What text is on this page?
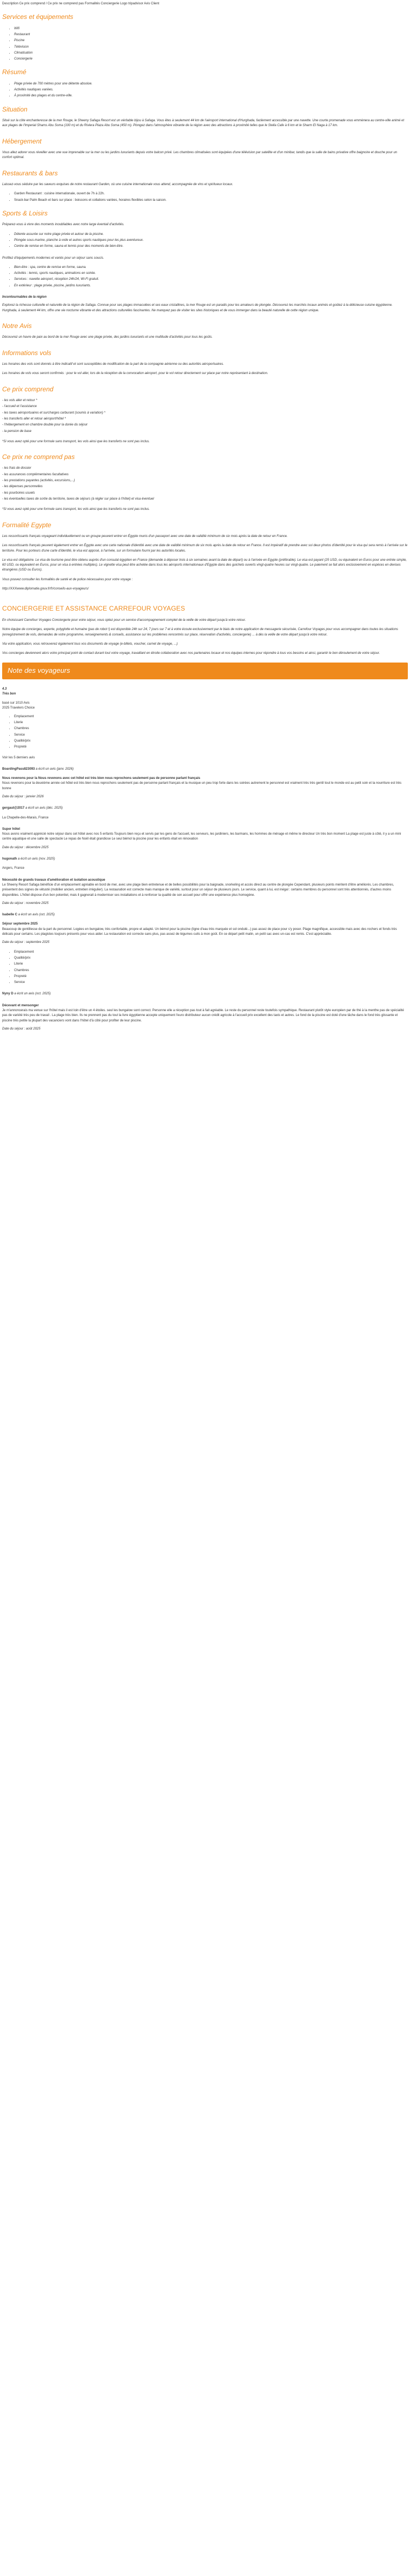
Description Ce prix comprend / Ce prix ne comprend pas Formalités Conciergerie Logo tripadvisor Avis Client
Services et équipements
• Wifi
• Restaurant
• Piscine
• Télévision
• Climatisation
• Conciergerie
Résumé
• Plage privée de 700 mètres pour une détente absolue.
• Activités nautiques variées.
• À proximité des plages et du centre-ville.
Situation

Situé sur la côte enchanteresse de la mer Rouge, le Sheeny Safaga Resort est un véritable bijou à Safaga. Vous êtes à seulement 44 km de l'aéroport international d'Hurghada, facilement accessible par une navette. Une courte promenade vous emmènera au centre-ville animé et aux plages de l'Imperial Shams Abu Soma (100 m) et du Riviera Plaza Abu Soma (450 m). Plongez dans l'atmosphère vibrante de la région avec des attractions à proximité telles que le Stella Cafe à 6 km et le Sharm El Naga à 17 km.

Hébergement

Vous allez adorer vous réveiller avec une vue imprenable sur la mer ou les jardins luxuriants depuis votre balcon privé. Les chambres climatisées sont équipées d'une télévision par satellite et d'un minibar, tandis que la salle de bains privative offre baignoire et douche pour un confort optimal.

Restaurants & bars

Laissez-vous séduire par les saveurs exquises de notre restaurant Garden, où une cuisine internationale vous attend, accompagnée de vins et spiritueux locaux.

• Garden Restaurant : cuisine internationale, ouvert de 7h à 22h.
• Snack-bar Palm Beach et bars sur place : boissons et collations variées, horaires flexibles selon la saison.
Sports & Loisirs

Préparez-vous à vivre des moments inoubliables avec notre large éventail d'activités.

• Détente assurée sur notre plage privée et autour de la piscine.
• Plongée sous-marine, planche à voile et autres sports nautiques pour les plus aventureux.
• Centre de remise en forme, sauna et tennis pour des moments de bien-être.

Profitez d'équipements modernes et variés pour un séjour sans soucis.

• Bien-être : spa, centre de remise en forme, sauna.
• Activités : tennis, sports nautiques, animations en soirée.
• Services : navette aéroport, réception 24h/24, Wi-Fi gratuit.
• En extérieur : plage privée, piscine, jardins luxuriants.
Incontournables de la région

Explorez la richesse culturelle et naturelle de la région de Safaga. Connue pour ses plages immaculées et ses eaux cristallines, la mer Rouge est un paradis pour les amateurs de plongée. Découvrez les marchés locaux animés et goûtez à la délicieuse cuisine égyptienne. Hurghada, à seulement 44 km, offre une vie nocturne vibrante et des attractions culturelles fascinantes. Ne manquez pas de visiter les sites historiques et de vous immerger dans la beauté naturelle de cette région unique.

Notre Avis

Découvrez un havre de paix au bord de la mer Rouge avec une plage privée, des jardins luxuriants et une multitude d'activités pour tous les goûts.

Informations vols

Les horaires des vols sont donnés à titre indicatif et sont susceptibles de modification de la part de la compagnie aérienne ou des autorités aéroportuaires.

Les horaires de vols vous seront confirmés : pour le vol aller, lors de la réception de la convocation aéroport, pour le vol retour directement sur place par notre représentant à destination.

Ce prix comprend
- les vols aller et retour *
- l'accueil et l'assistance
- les taxes aéroportuaires et surcharges carburant (soumis à variation) *
- les transferts aller et retour aéroport/hôtel *
- l'hébergement en chambre double pour la durée du séjour
- la pension de base

*Si vous avez opté pour une formule sans transport, les vols ainsi que les transferts ne sont pas inclus.

Ce prix ne comprend pas
- les frais de dossier
- les assurances complémentaires facultatives
- les prestations payantes (activités, excursions,...)
- les dépenses personnelles
- les pourboires usuels
- les éventuelles taxes de sortie du territoire, taxes de séjours (à régler sur place à l'hôtel) et visa éventuel

*Si vous avez opté pour une formule sans transport, les vols ainsi que les transferts ne sont pas inclus.

Formalité Egypte

Les ressortissants français voyageant individuellement ou en groupe peuvent entrer en Égypte munis d'un passeport avec une date de validité minimum de six mois après la date de retour en France.

Les ressortissants français peuvent également entrer en Égypte avec une carte nationale d'identité avec une date de validité minimum de six mois après la date de retour en France. Il est impératif de prendre avec soi deux photos d'identité pour le visa qui sera remis à l'arrivée sur le territoire. Pour les porteurs d'une carte d'identité, le visa est apposé, à l'arrivée, sur un formulaire fourni par les autorités locales.

Le visa est obligatoire. Le visa de tourisme peut être obtenu auprès d'un consulat égyptien en France (demande à déposer trois à six semaines avant la date de départ) ou à l'arrivée en Egypte (préférable). Le visa est payant (25 USD, ou équivalent en Euros pour une entrée simple, 60 USD, ou équivalent en Euros, pour un visa à entrées multiples). Le vignette visa peut être achetée dans tous les aéroports internationaux d'Egypte dans des guichets ouverts vingt-quatre heures sur vingt-quatre. Le paiement se fait alors exclusivement en espèces en devises étrangères (USD ou Euros).

Vous pouvez consulter les formalités de santé et de police nécessaires pour votre voyage :

http://XXXwww.diplomatie.gouv.fr/fr/conseils-aux-voyageurs/

CONCIERGERIE ET ASSISTANCE CARREFOUR VOYAGES

En choisissant Carrefour Voyages Conciergerie pour votre séjour, vous optez pour un service d'accompagnement complet de la veille de votre départ jusqu'à votre retour.

Notre équipe de concierges, experte, polyglotte et humaine (pas de robot !) est disponible 24h sur 24, 7 jours sur 7 et à votre écoute exclusivement par le biais de notre application de messagerie sécurisée, Carrefour Voyages pour vous accompagner dans toutes les situations (enregistrement de vols, demandes de votre programme, renseignements & conseils, assistance sur les problèmes rencontrés sur place, réservation d'activités, conciergerie) ... à dès la veille de votre départ jusqu'à votre retour.

Via votre application, vous retrouverez également tous vos documents de voyage (e-billets, voucher, carnet de voyage, ...)

Vos concierges deviennent alors votre principal point de contact durant tout votre voyage, travaillant en étroite collaboration avec nos partenaires locaux et nos équipes internes pour répondre à tous vos besoins et ainsi, garantir le bon déroulement de votre séjour.

Note des voyageurs

4.3

Très bon

basé sur 1010 Avis

2025 Travelers Choice

• Emplacement
• Literie
• Chambres
• Service
• Qualité/prix
• Propreté

Voir les 5 derniers avis

BoardingPass823093 a écrit un avis (janv. 2026)

Nous revenons pour la Nous revenons avec cet hôtel est très bien nous reprochons seulement pas de personne parlant français

Nous revenons pour la deuxième année cet hôtel est très bien nous reprochons seulement pas de personne parlant français et la musique un peu trop forte dans les soirées autrement le personnel est vraiment très très gentil tout le monde est au petit soin et la nourriture est très bonne

Date du séjour : janvier 2026

gergaut@2017 a écrit un avis (déc. 2025)

La Chapelle-des-Marais, France

Super hôtel

Nous avons vraiment apprécié notre séjour dans cet hôtel avec nos 5 enfants Toujours bien reçu et servis par les gens de l'accueil, les serveurs, les jardiniers, les barmans, les hommes de ménage et même le directeur Un très bon moment La plage est juste à côté, il y a un mini centre aquatique et une salle de spectacle Le repas de Noël était grandiose Le seul bémol la piscine pour les enfants était en rénovation

Date du séjour : décembre 2025

hugonath a écrit un avis (nov. 2025)

Angers, France

Nécessité de grands travaux d'amélioration et isolation acoustique

Le Sheeny Resort Safaga bénéficie d'un emplacement agréable en bord de mer, avec une plage bien entretenue et de belles possibilités pour la baignade, snorkeling et accès direct au centre de plongée Cependant, plusieurs points méritent d'être améliorés. Les chambres, présentent des signes de vétusté (mobilier ancien, entretien irrégulier). La restauration est correcte mais manque de variété, surtout pour un séjour de plusieurs jours. Le service, quant à lui, est inégal : certains membres du personnel sont très attentionnés, d'autres moins disponibles. L'hôtel dispose d'un bon potentiel, mais il gagnerait à moderniser ses installations et à renforcer la qualité de son accueil pour offrir une expérience plus homogène.

Date du séjour : novembre 2025

Isabelle C a écrit un avis (oct. 2025)

Séjour septembre 2025

Beaucoup de gentillesse de la part du personnel. Logées en bungalow, très confortable, propre et adapté. Un bémol pour la piscine (ligne d'eau très marquée et sol ondulé...) pas assez de place pour s'y poser. Plage magnifique, accessible mais avec des rochers et fonds très délicats pour certains. Les plagistes toujours présents pour vous aider. La restauration est correcte sans plus, pas assez de légumes cuits à mon goût. En ce départ petit matin, un petit sac avec un-cas est remis. C'est appréciable.

Date du séjour : septembre 2025

• Emplacement
• Qualité/prix
• Literie
• Chambres
• Propreté
• Service

Nyny D a écrit un avis (oct. 2025)

Décevant et mensonger

Je m'annoncerais ma venue sur l'hôtel mais il est loin d'être un 4 étoiles. seul les bungalow sont correct. Personne elle a réception pas tout à fait agréable. Le reste du personnel reste toutefois sympathique. Restaurant plutôt style européen par de thé à la menthe pas de spécialité pas de variété très peu de travail . La plage très bien. Ils ne prennent pas du tout la livre égyptienne accepte uniquement l'euro distributeur aucun crédit agricole à l'accueil prix excellent des taxis et autres. Le fond de la piscine est doté d'une tâche dans le fond très glissante et piscine très petite la plupart des vacanciers vont dans l'hôtel d'à côté pour profiter de leur piscine.

Date du séjour : août 2025
